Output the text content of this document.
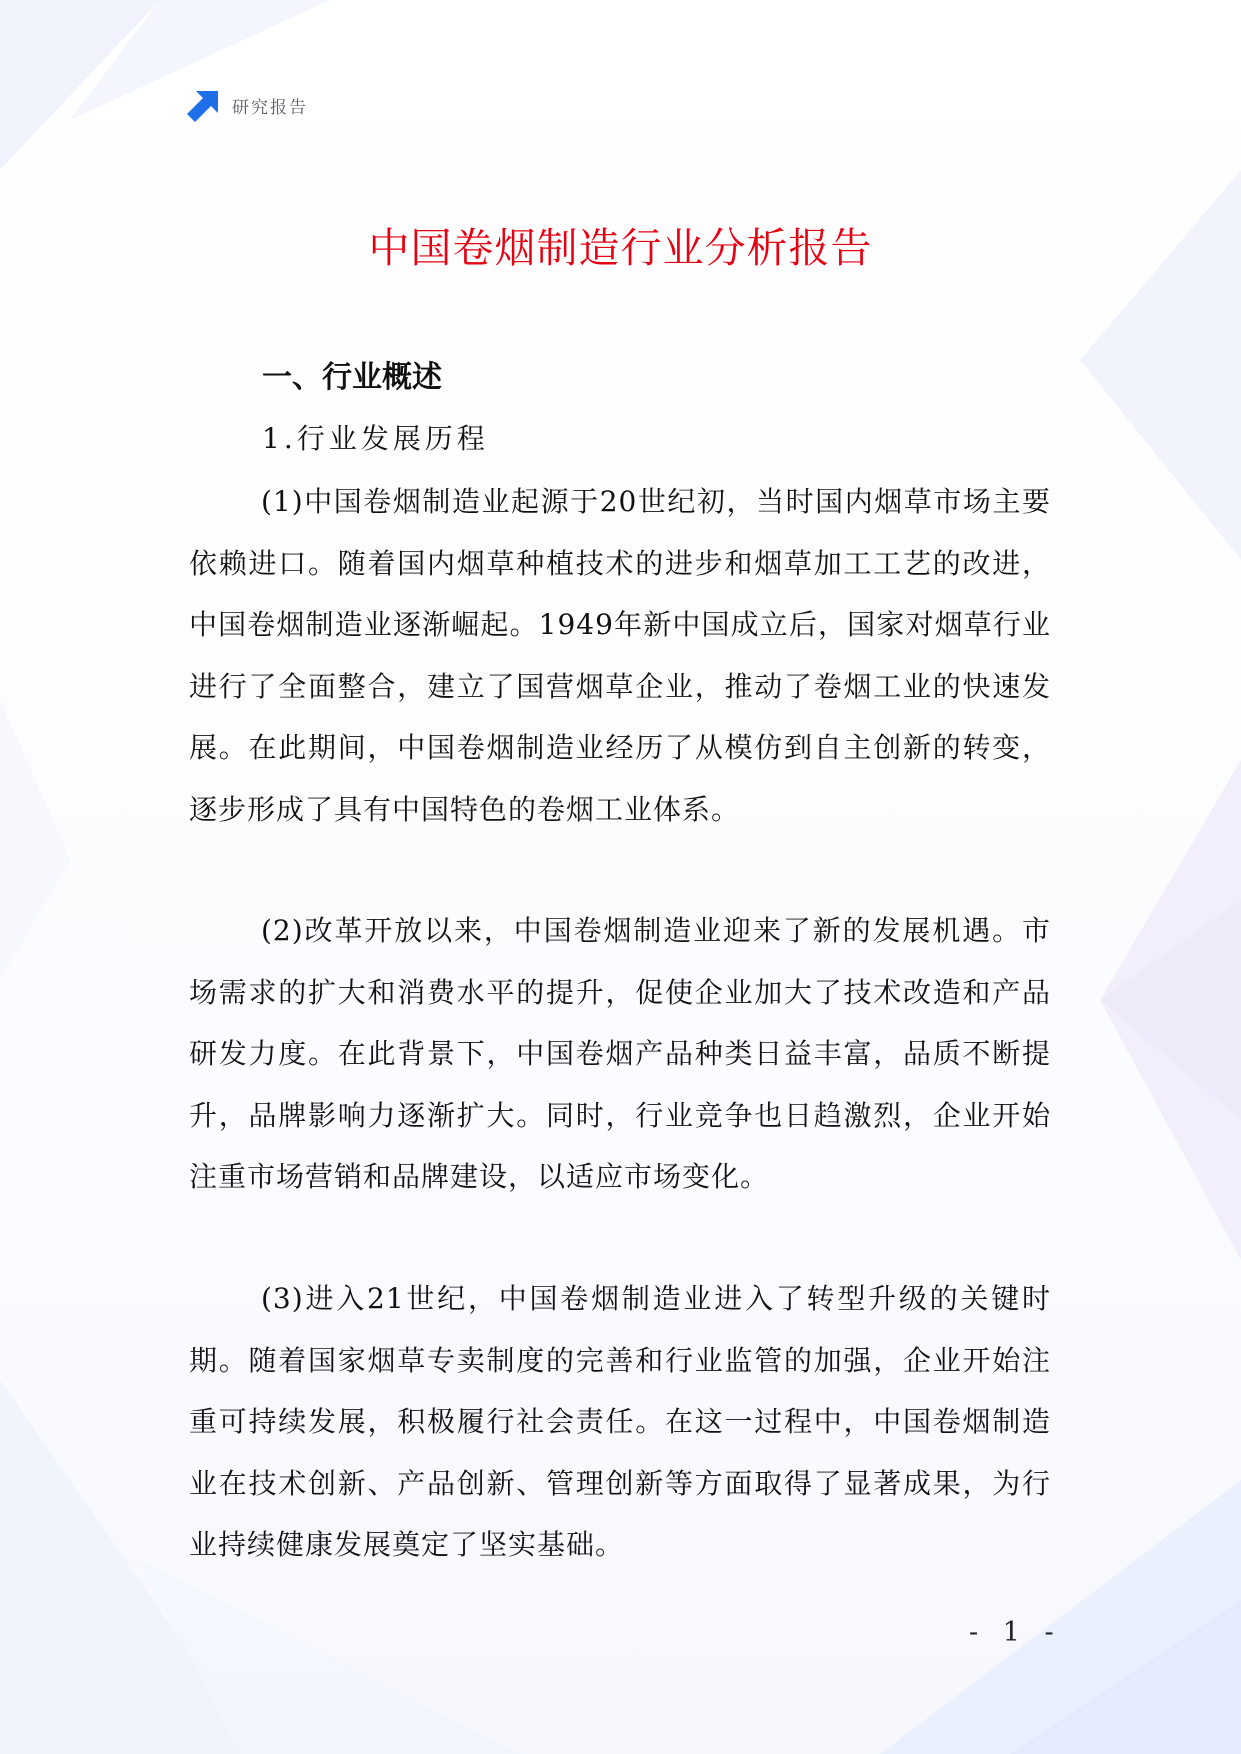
研究报告
中国卷烟制造行业分析报告
一、行业概述
1.行业发展历程

(1)中国卷烟制造业起源于20世纪初，当时国内烟草市场主要依赖进口。随着国内烟草种植技术的进步和烟草加工工艺的改进，中国卷烟制造业逐渐崛起。1949年新中国成立后，国家对烟草行业进行了全面整合，建立了国营烟草企业，推动了卷烟工业的快速发展。在此期间，中国卷烟制造业经历了从模仿到自主创新的转变，逐步形成了具有中国特色的卷烟工业体系。

(2)改革开放以来，中国卷烟制造业迎来了新的发展机遇。市场需求的扩大和消费水平的提升，促使企业加大了技术改造和产品研发力度。在此背景下，中国卷烟产品种类日益丰富，品质不断提升，品牌影响力逐渐扩大。同时，行业竞争也日趋激烈，企业开始注重市场营销和品牌建设，以适应市场变化。

(3)进入21世纪，中国卷烟制造业进入了转型升级的关键时期。随着国家烟草专卖制度的完善和行业监管的加强，企业开始注重可持续发展，积极履行社会责任。在这一过程中，中国卷烟制造业在技术创新、产品创新、管理创新等方面取得了显著成果，为行业持续健康发展奠定了坚实基础。

- 1 -
